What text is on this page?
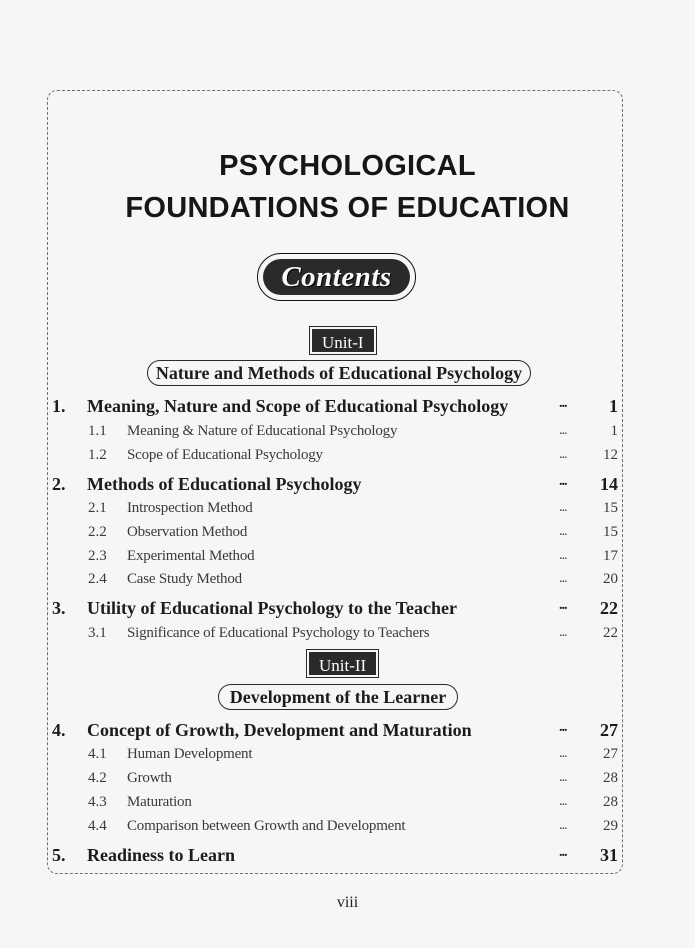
PSYCHOLOGICAL
FOUNDATIONS OF EDUCATION
Contents
Unit-I
Nature and Methods of Educational Psychology
1. Meaning, Nature and Scope of Educational Psychology	... 1
1.1 Meaning & Nature of Educational Psychology	...	1
1.2 Scope of Educational Psychology	... 12
2. Methods of Educational Psychology	... 14
2.1 Introspection Method	... 15
2.2 Observation Method	... 15
2.3 Experimental Method	... 17
2.4 Case Study Method	... 20
3. Utility of Educational Psychology to the Teacher	... 22
3.1 Significance of Educational Psychology to Teachers	... 22
Unit-II
Development of the Learner
4. Concept of Growth, Development and Maturation	... 27
4.1 Human Development	... 27
4.2 Growth	... 28
4.3 Maturation	... 28
4.4 Comparison between Growth and Development	... 29
5. Readiness to Learn	... 31
viii
